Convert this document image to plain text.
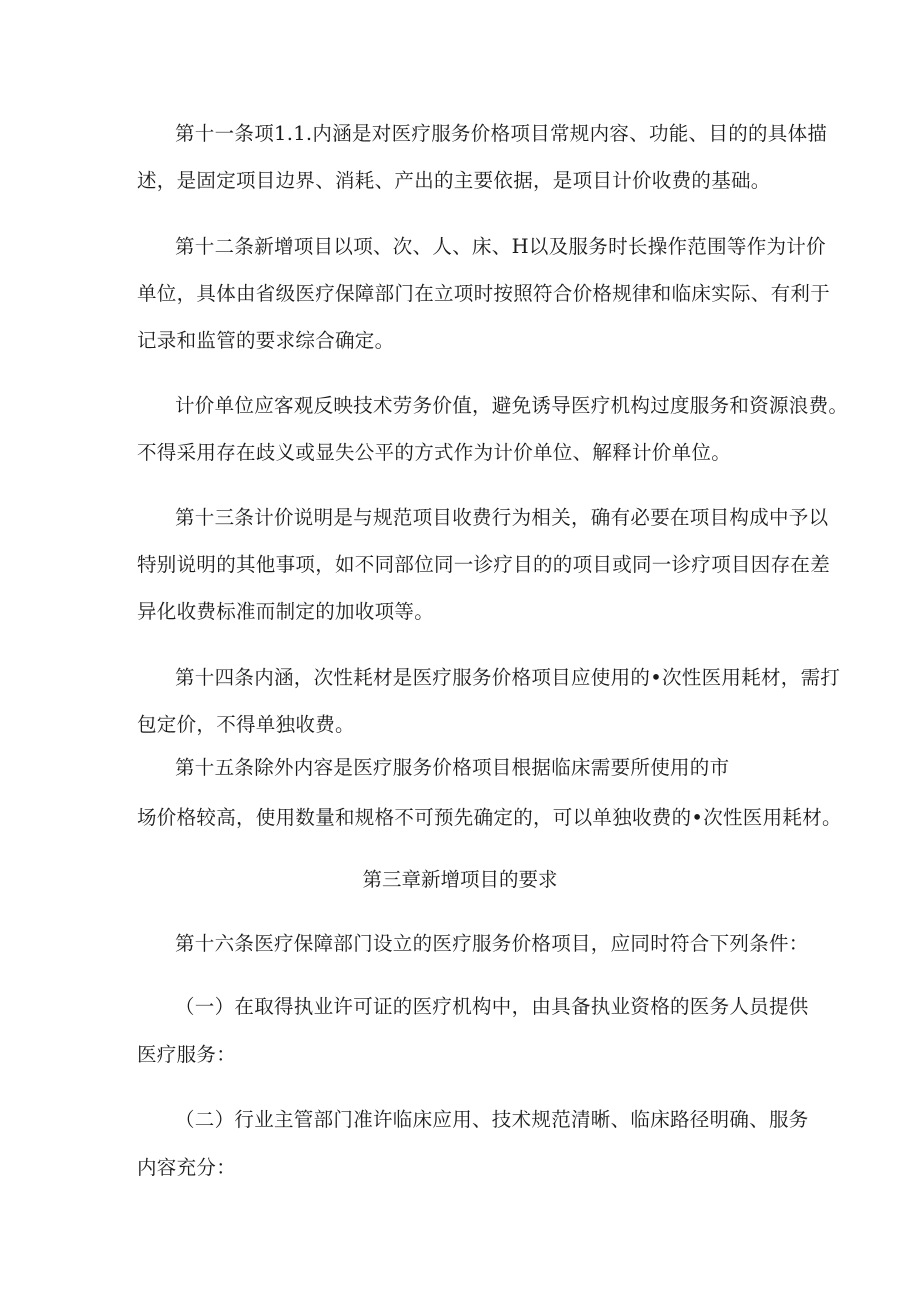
第十一条项1.1.内涵是对医疗服务价格项目常规内容、功能、目的的具体描
述，是固定项目边界、消耗、产出的主要依据，是项目计价收费的基础。
第十二条新增项目以项、次、人、床、H以及服务时长操作范围等作为计价
单位，具体由省级医疗保障部门在立项时按照符合价格规律和临床实际、有利于
记录和监管的要求综合确定。
计价单位应客观反映技术劳务价值，避免诱导医疗机构过度服务和资源浪费。
不得采用存在歧义或显失公平的方式作为计价单位、解释计价单位。
第十三条计价说明是与规范项目收费行为相关，确有必要在项目构成中予以
特别说明的其他事项，如不同部位同一诊疗目的的项目或同一诊疗项目因存在差
异化收费标准而制定的加收项等。
第十四条内涵，次性耗材是医疗服务价格项目应使用的•次性医用耗材，需打
包定价，不得单独收费。
第十五条除外内容是医疗服务价格项目根据临床需要所使用的市
场价格较高，使用数量和规格不可预先确定的，可以单独收费的•次性医用耗材。
第三章新增项目的要求
第十六条医疗保障部门设立的医疗服务价格项目，应同时符合下列条件：
（一）在取得执业许可证的医疗机构中，由具备执业资格的医务人员提供
医疗服务：
（二）行业主管部门准许临床应用、技术规范清晰、临床路径明确、服务
内容充分：
